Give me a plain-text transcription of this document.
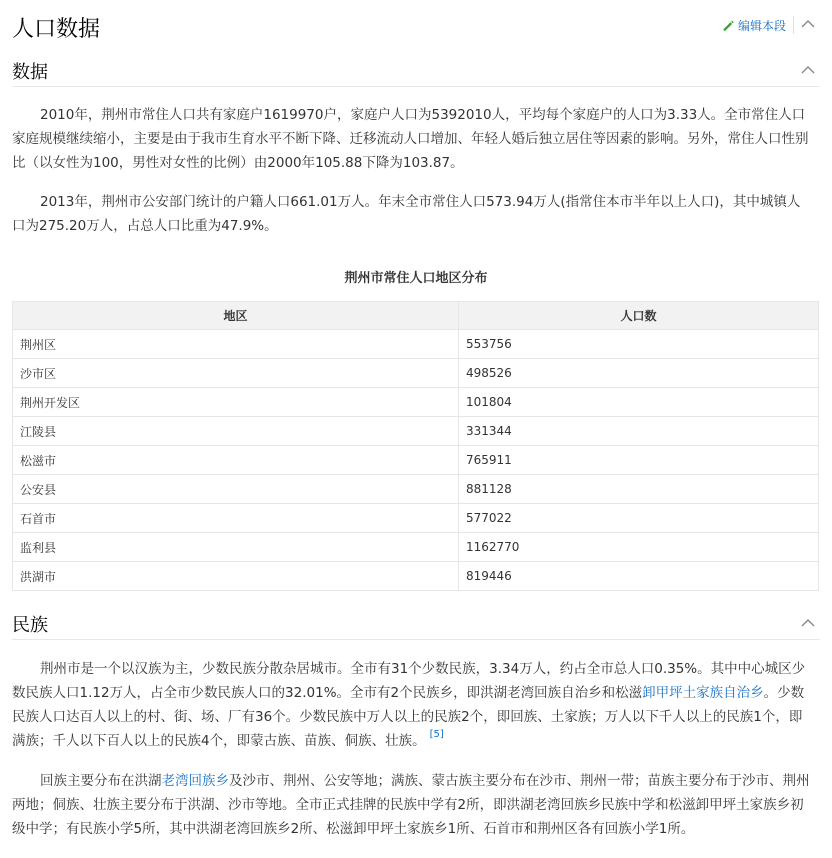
人口数据	编辑本段
数据

2010年，荆州市常住人口共有家庭户1619970户，家庭户人口为5392010人，平均每个家庭户的人口为3.33人。全市常住人口家庭规模继续缩小，主要是由于我市生育水平不断下降、迁移流动人口增加、年轻人婚后独立居住等因素的影响。另外，常住人口性别比（以女性为100，男性对女性的比例）由2000年105.88下降为103.87。

2013年，荆州市公安部门统计的户籍人口661.01万人。年末全市常住人口573.94万人(指常住本市半年以上人口)，其中城镇人口为275.20万人，占总人口比重为47.9%。

荆州市常住人口地区分布
地区	人口数
荆州区	553756
沙市区	498526
荆州开发区	101804
江陵县	331344
松滋市	765911
公安县	881128
石首市	577022
监利县	1162770
洪湖市	819446
民族

荆州市是一个以汉族为主，少数民族分散杂居城市。全市有31个少数民族，3.34万人，约占全市总人口0.35%。其中中心城区少数民族人口1.12万人，占全市少数民族人口的32.01%。全市有2个民族乡，即洪湖老湾回族自治乡和松滋卸甲坪土家族自治乡。少数民族人口达百人以上的村、街、场、厂有36个。少数民族中万人以上的民族2个，即回族、土家族；万人以下千人以上的民族1个，即满族；千人以下百人以上的民族4个，即蒙古族、苗族、侗族、壮族。 [5]

回族主要分布在洪湖老湾回族乡及沙市、荆州、公安等地；满族、蒙古族主要分布在沙市、荆州一带；苗族主要分布于沙市、荆州两地；侗族、壮族主要分布于洪湖、沙市等地。全市正式挂牌的民族中学有2所，即洪湖老湾回族乡民族中学和松滋卸甲坪土家族乡初级中学；有民族小学5所，其中洪湖老湾回族乡2所、松滋卸甲坪土家族乡1所、石首市和荆州区各有回族小学1所。
